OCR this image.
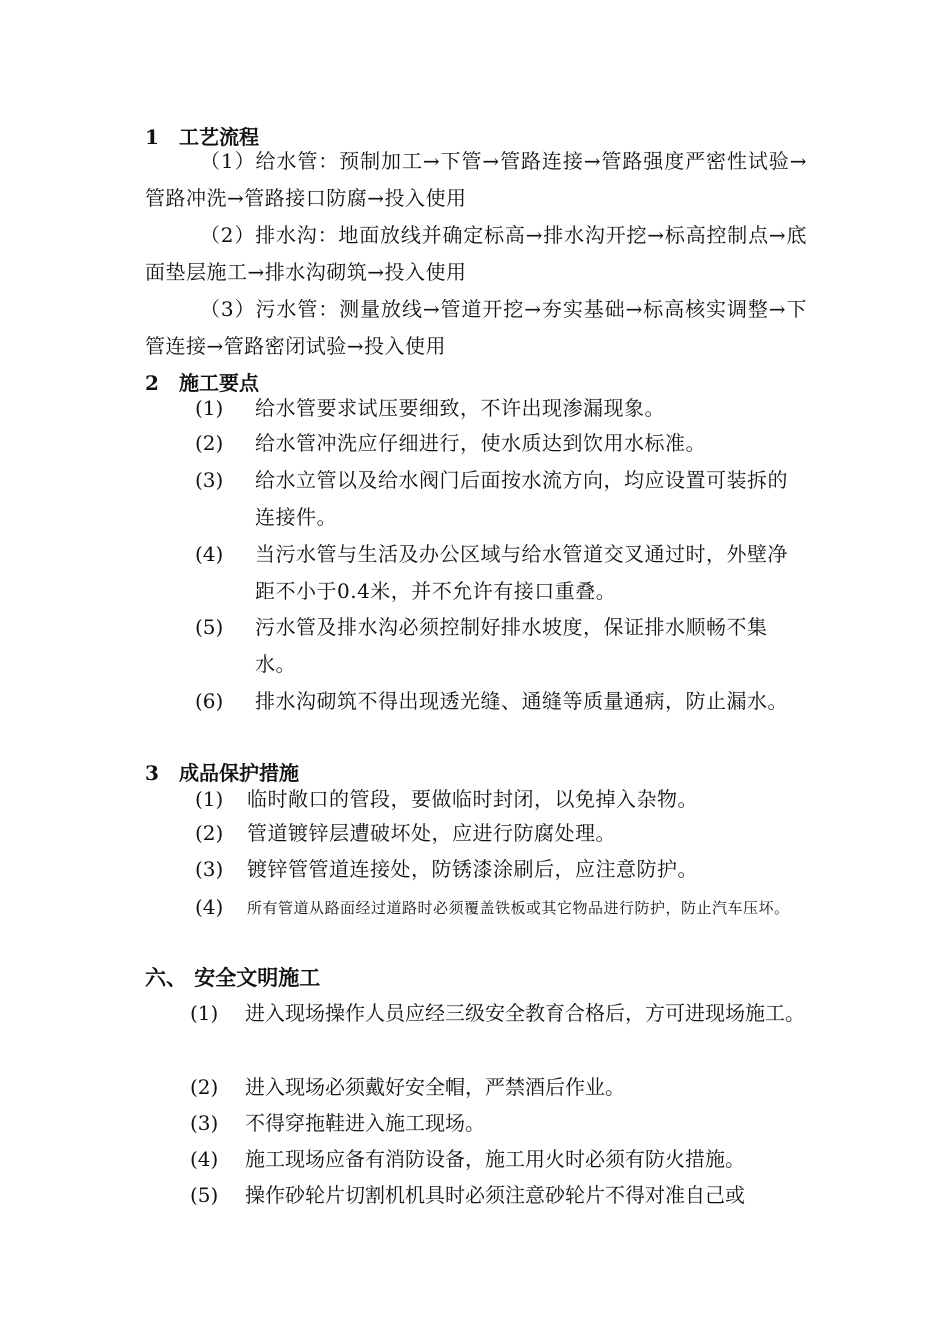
1 工艺流程
（1）给水管：预制加工→下管→管路连接→管路强度严密性试验→管路冲洗→管路接口防腐→投入使用
（2）排水沟：地面放线并确定标高→排水沟开挖→标高控制点→底面垫层施工→排水沟砌筑→投入使用
（3）污水管：测量放线→管道开挖→夯实基础→标高核实调整→下管连接→管路密闭试验→投入使用
2 施工要点
(1) 给水管要求试压要细致，不许出现渗漏现象。
(2) 给水管冲洗应仔细进行，使水质达到饮用水标准。
(3) 给水立管以及给水阀门后面按水流方向，均应设置可装拆的连接件。
(4) 当污水管与生活及办公区域与给水管道交叉通过时，外壁净距不小于0.4米，并不允许有接口重叠。
(5) 污水管及排水沟必须控制好排水坡度，保证排水顺畅不集水。
(6) 排水沟砌筑不得出现透光缝、通缝等质量通病，防止漏水。
3 成品保护措施
(1) 临时敞口的管段，要做临时封闭，以免掉入杂物。
(2) 管道镀锌层遭破坏处，应进行防腐处理。
(3) 镀锌管管道连接处，防锈漆涂刷后，应注意防护。
(4) 所有管道从路面经过道路时必须覆盖铁板或其它物品进行防护，防止汽车压坏。
六、 安全文明施工
(1) 进入现场操作人员应经三级安全教育合格后，方可进现场施工。
(2) 进入现场必须戴好安全帽，严禁酒后作业。
(3) 不得穿拖鞋进入施工现场。
(4) 施工现场应备有消防设备，施工用火时必须有防火措施。
(5) 操作砂轮片切割机机具时必须注意砂轮片不得对准自己或
